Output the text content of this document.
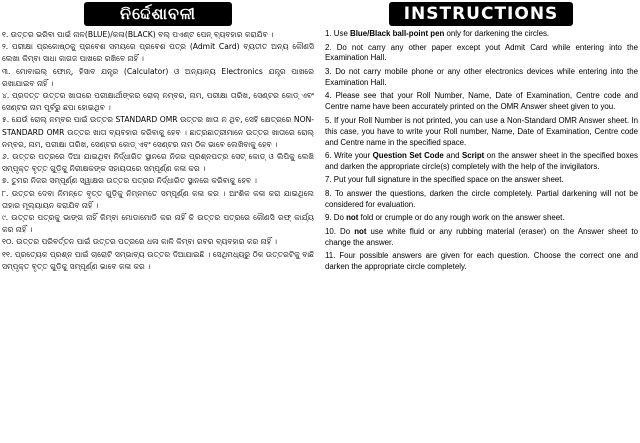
ନିର୍ଦ୍ଦେଶାବଳୀ
୧. ଉତ୍ତର ଭରିବା ପାଇଁ ନାଳ(BLUE)/କଳା(BLACK) ବଲ୍ ପଏଣ୍ଟ ପେନ୍ ବ୍ୟବହାର କରାଯିବ ।
୨. ପରୀକ୍ଷା ପ୍ରକୋଷ୍ଠକୁ ପ୍ରବେଶ ସମୟରେ ପ୍ରବେଶ ପତ୍ର (Admit Card) ବ୍ୟତୀତ ଅନ୍ୟ କୌଣସି ଲେଖା କିମ୍ବା ସାଧା କାଗଜ ପାଖରେ ରଖିବେ ନାହିଁ ।
୩. ମୋବାଇଲ୍ ଫୋନ୍, ହିସାବ ଯନ୍ତ୍ର (Calculator) ଓ ଅନ୍ୟାନ୍ୟ Electronics ଯନ୍ତ୍ର ପାଖରେ ରଖାଯାଇବ ନାହିଁ ।
୪. ପ୍ରଦତ୍ତ ଉତ୍ତର ଖାତାରେ ପରୀକ୍ଷାର୍ଥୀଙ୍କର ରୋଲ୍ ନମ୍ବର, ନାମ, ପରୀକ୍ଷା ତାରିଖ, ସେଣ୍ଟର କୋଡ୍ ଏବଂ ସେଣ୍ଟର ନାମ ପୂର୍ବରୁ ଛପା ହୋଇଥିବ ।
୫. ଯେଉଁ ରୋଲ୍ ନମ୍ବର ପାଇଁ ଉତ୍ତର STANDARD OMR ଉତ୍ତର ଖାତା ନ ଥିବ, ସେହି କ୍ଷେତ୍ରରେ NON-STANDARD OMR ଉତ୍ତର ଖାତା ବ୍ୟବହାର କରିବାକୁ ହେବ । ଛାତ୍ରଛାତ୍ରୀମାନେ ଉତ୍ତର ଖାତାରେ ରୋଲ୍ ନମ୍ବର, ନାମ, ପରୀକ୍ଷା ତାରିଖ, ସେଣ୍ଟର କୋଡ୍ ଏବଂ ସେଣ୍ଟର ନାମ ଠିକ ଭାବେ ଲେଖିବାକୁ ହେବ ।
୬. ଉତ୍ତର ପତ୍ରରେ ଦିଆ ଯାଇଥିବା ନିର୍ଦ୍ଧାରିତ ସ୍ଥାନରେ ନିଜର ପ୍ରଶ୍ନପତ୍ର ସେଟ୍ କୋଡ୍ ଓ ଲିପିକୁ ଲେଖି ସମ୍ପୃକ୍ତ ବୃତ୍ତ ଗୁଡ଼ିକୁ ନିରୀକ୍ଷକଙ୍କ ସହାୟତାରେ ସମ୍ପୂର୍ଣ୍ଣ କଳା କର ।
୭. ତୁମର ନିଜର ସମ୍ପୂର୍ଣ୍ଣ ସ୍ୱାକ୍ଷର ଉତ୍ତର ପତ୍ରର ନିର୍ଦ୍ଧାରିତ ସ୍ଥାନରେ କରିବାକୁ ହେବ ।
୮. ଉତ୍ତର ଦେବା ନିମନ୍ତେ ବୃତ୍ତ ଗୁଡ଼ିକୁ ନିମ୍ନମତେ ସମ୍ପୂର୍ଣ୍ଣ କଳା କର । ଆଂଶିକ କଳା କରା ଯାଇଥିଲେ ତାହାର ମୂଲ୍ୟାୟନ କରାଯିବ ନାହିଁ ।
୯. ଉତ୍ତର ପତ୍ରକୁ ଭାଙ୍ଗ ନାହିଁ କିମ୍ବା ମୋଡାମୋଡି କର ନାହିଁ କି ଉତ୍ତର ପତ୍ରରେ କୌଣସି ରଫ୍ କାର୍ଯ୍ୟ କର ନାହିଁ ।
୧୦. ଉତ୍ତର ପରିବର୍ତ୍ତନ ପାଇଁ ଉତ୍ତର ପତ୍ରରେ ଧଳା କାଳି କିମ୍ବା ରବର ବ୍ୟବହାର କର ନାହିଁ ।
୧୧. ପ୍ରତ୍ୟେକ ପ୍ରଶ୍ନ ପାଇଁ ଚାରୋଟି ସମ୍ଭାବ୍ୟ ଉତ୍ତର ଦିଆଯାଇଛି । ସେଥିମଧ୍ୟରୁ ଠିକ ଉତ୍ତରଟିକୁ ବାଛି ସମ୍ପୃକ୍ତ ବୃତ୍ତ ଗୁଡ଼ିକୁ ସମ୍ପୂର୍ଣ୍ଣ ଭାବେ କଳା କର ।
INSTRUCTIONS
1. Use Blue/Black ball-point pen only for darkening the circles.
2. Do not carry any other paper except yout Admit Card while entering into the Examination Hall.
3. Do not carry mobile phone or any other electronics devices while entering into the Examination Hall.
4. Please see that your Roll Number, Name, Date of Examination, Centre code and Centre name have been accurately printed on the OMR Answer sheet given to you.
5. If your Roll Number is not printed, you can use a Non-Standard OMR Answer sheet. In this case, you have to write your Roll number, Name, Date of Examination, Centre code and Centre name in the specified space.
6. Write your Question Set Code and Script on the answer sheet in the specified boxes and darken the appropriate circle(s) completely with the help of the invigilators.
7. Put your full signature in the specified space on the answer sheet.
8. To answer the questions, darken the circle completely. Partial darkening will not be considered for evaluation.
9. Do not fold or crumple or do any rough work on the answer sheet.
10. Do not use white fluid or any rubbing material (eraser) on the Answer sheet to change the answer.
11. Four possible answers are given for each question. Choose the correct one and darken the appropriate circle completely.
